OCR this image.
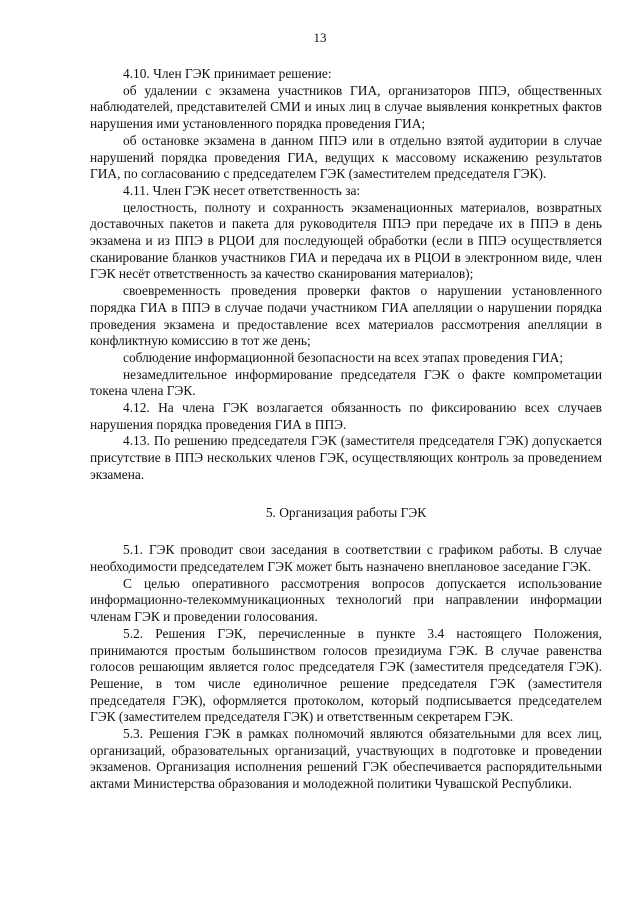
13

4.10. Член ГЭК принимает решение:

об удалении с экзамена участников ГИА, организаторов ППЭ, общественных наблюдателей, представителей СМИ и иных лиц в случае выявления конкретных фактов нарушения ими установленного порядка проведения ГИА;

об остановке экзамена в данном ППЭ или в отдельно взятой аудитории в случае нарушений порядка проведения ГИА, ведущих к массовому искажению результатов ГИА, по согласованию с председателем ГЭК (заместителем председателя ГЭК).

4.11. Член ГЭК несет ответственность за:

целостность, полноту и сохранность экзаменационных материалов, возвратных доставочных пакетов и пакета для руководителя ППЭ при передаче их в ППЭ в день экзамена и из ППЭ в РЦОИ для последующей обработки (если в ППЭ осуществляется сканирование бланков участников ГИА и передача их в РЦОИ в электронном виде, член ГЭК несёт ответственность за качество сканирования материалов);

своевременность проведения проверки фактов о нарушении установленного порядка ГИА в ППЭ в случае подачи участником ГИА апелляции о нарушении порядка проведения экзамена и предоставление всех материалов рассмотрения апелляции в конфликтную комиссию в тот же день;

соблюдение информационной безопасности на всех этапах проведения ГИА;

незамедлительное информирование председателя ГЭК о факте компрометации токена члена ГЭК.

4.12. На члена ГЭК возлагается обязанность по фиксированию всех случаев нарушения порядка проведения ГИА в ППЭ.

4.13. По решению председателя ГЭК (заместителя председателя ГЭК) допускается присутствие в ППЭ нескольких членов ГЭК, осуществляющих контроль за проведением экзамена.

5. Организация работы ГЭК

5.1. ГЭК проводит свои заседания в соответствии с графиком работы. В случае необходимости председателем ГЭК может быть назначено внеплановое заседание ГЭК.

С целью оперативного рассмотрения вопросов допускается использование информационно-телекоммуникационных технологий при направлении информации членам ГЭК и проведении голосования.

5.2. Решения ГЭК, перечисленные в пункте 3.4 настоящего Положения, принимаются простым большинством голосов президиума ГЭК. В случае равенства голосов решающим является голос председателя ГЭК (заместителя председателя ГЭК). Решение, в том числе единоличное решение председателя ГЭК (заместителя председателя ГЭК), оформляется протоколом, который подписывается председателем ГЭК (заместителем председателя ГЭК) и ответственным секретарем ГЭК.

5.3. Решения ГЭК в рамках полномочий являются обязательными для всех лиц, организаций, образовательных организаций, участвующих в подготовке и проведении экзаменов. Организация исполнения решений ГЭК обеспечивается распорядительными актами Министерства образования и молодежной политики Чувашской Республики.
